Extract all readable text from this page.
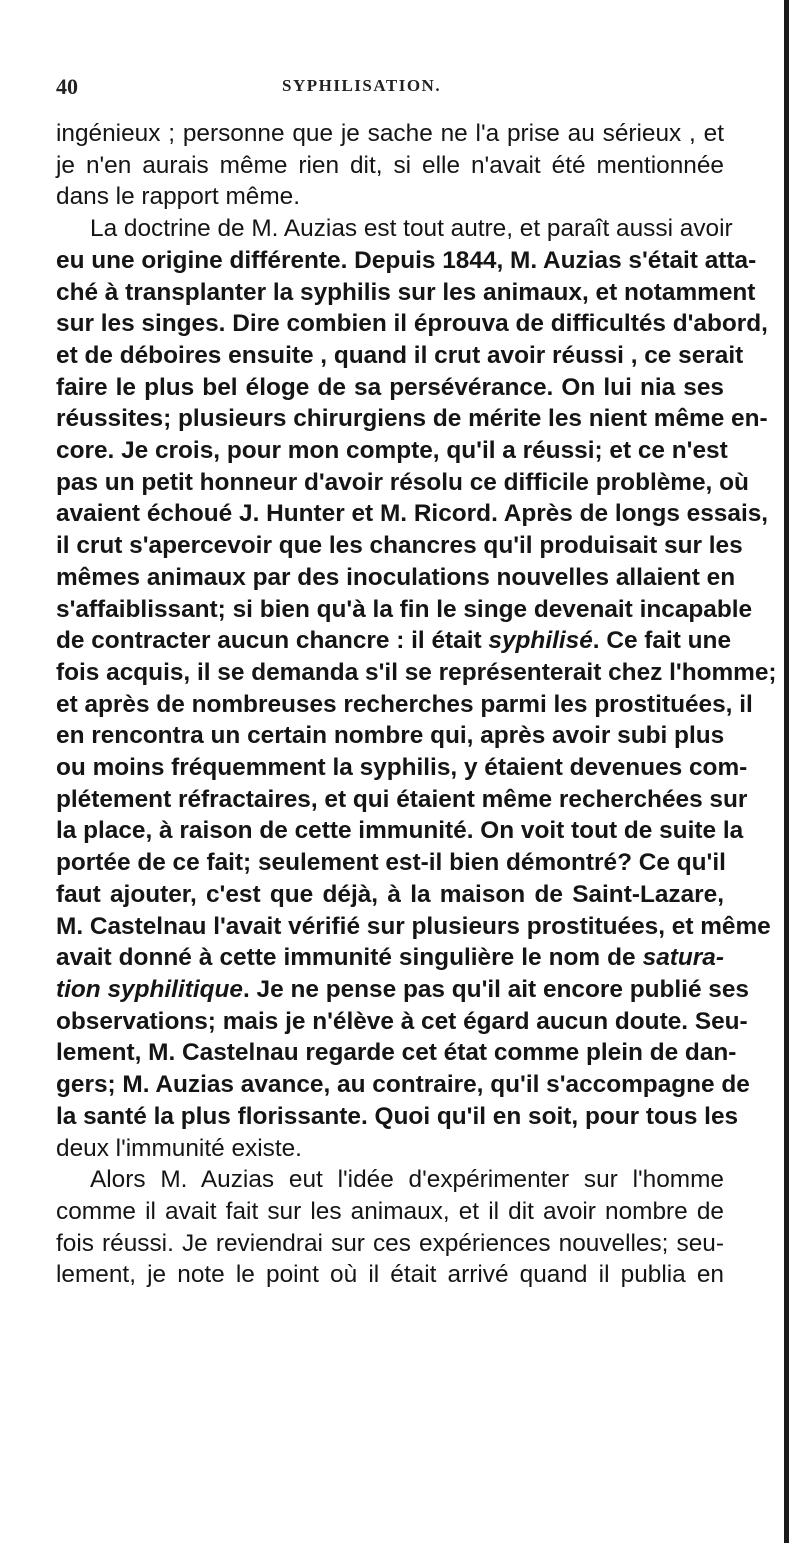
40	SYPHILISATION.
ingénieux ; personne que je sache ne l'a prise au sérieux , et
je n'en aurais même rien dit, si elle n'avait été mentionnée
dans le rapport même.
La doctrine de M. Auzias est tout autre, et paraît aussi avoir
eu une origine différente. Depuis 1844, M. Auzias s'était atta-
ché à transplanter la syphilis sur les animaux, et notamment
sur les singes. Dire combien il éprouva de difficultés d'abord,
et de déboires ensuite , quand il crut avoir réussi , ce serait
faire le plus bel éloge de sa persévérance. On lui nia ses
réussites; plusieurs chirurgiens de mérite les nient même en-
core. Je crois, pour mon compte, qu'il a réussi; et ce n'est
pas un petit honneur d'avoir résolu ce difficile problème, où
avaient échoué J. Hunter et M. Ricord. Après de longs essais,
il crut s'apercevoir que les chancres qu'il produisait sur les
mêmes animaux par des inoculations nouvelles allaient en
s'affaiblissant; si bien qu'à la fin le singe devenait incapable
de contracter aucun chancre : il était syphilisé. Ce fait une
fois acquis, il se demanda s'il se représenterait chez l'homme;
et après de nombreuses recherches parmi les prostituées, il
en rencontra un certain nombre qui, après avoir subi plus
ou moins fréquemment la syphilis, y étaient devenues com-
plétement réfractaires, et qui étaient même recherchées sur
la place, à raison de cette immunité. On voit tout de suite la
portée de ce fait; seulement est-il bien démontré? Ce qu'il
faut ajouter, c'est que déjà, à la maison de Saint-Lazare,
M. Castelnau l'avait vérifié sur plusieurs prostituées, et même
avait donné à cette immunité singulière le nom de satura-
tion syphilitique. Je ne pense pas qu'il ait encore publié ses
observations; mais je n'élève à cet égard aucun doute. Seu-
lement, M. Castelnau regarde cet état comme plein de dan-
gers; M. Auzias avance, au contraire, qu'il s'accompagne de
la santé la plus florissante. Quoi qu'il en soit, pour tous les
deux l'immunité existe.
Alors M. Auzias eut l'idée d'expérimenter sur l'homme
comme il avait fait sur les animaux, et il dit avoir nombre de
fois réussi. Je reviendrai sur ces expériences nouvelles; seu-
lement, je note le point où il était arrivé quand il publia en
